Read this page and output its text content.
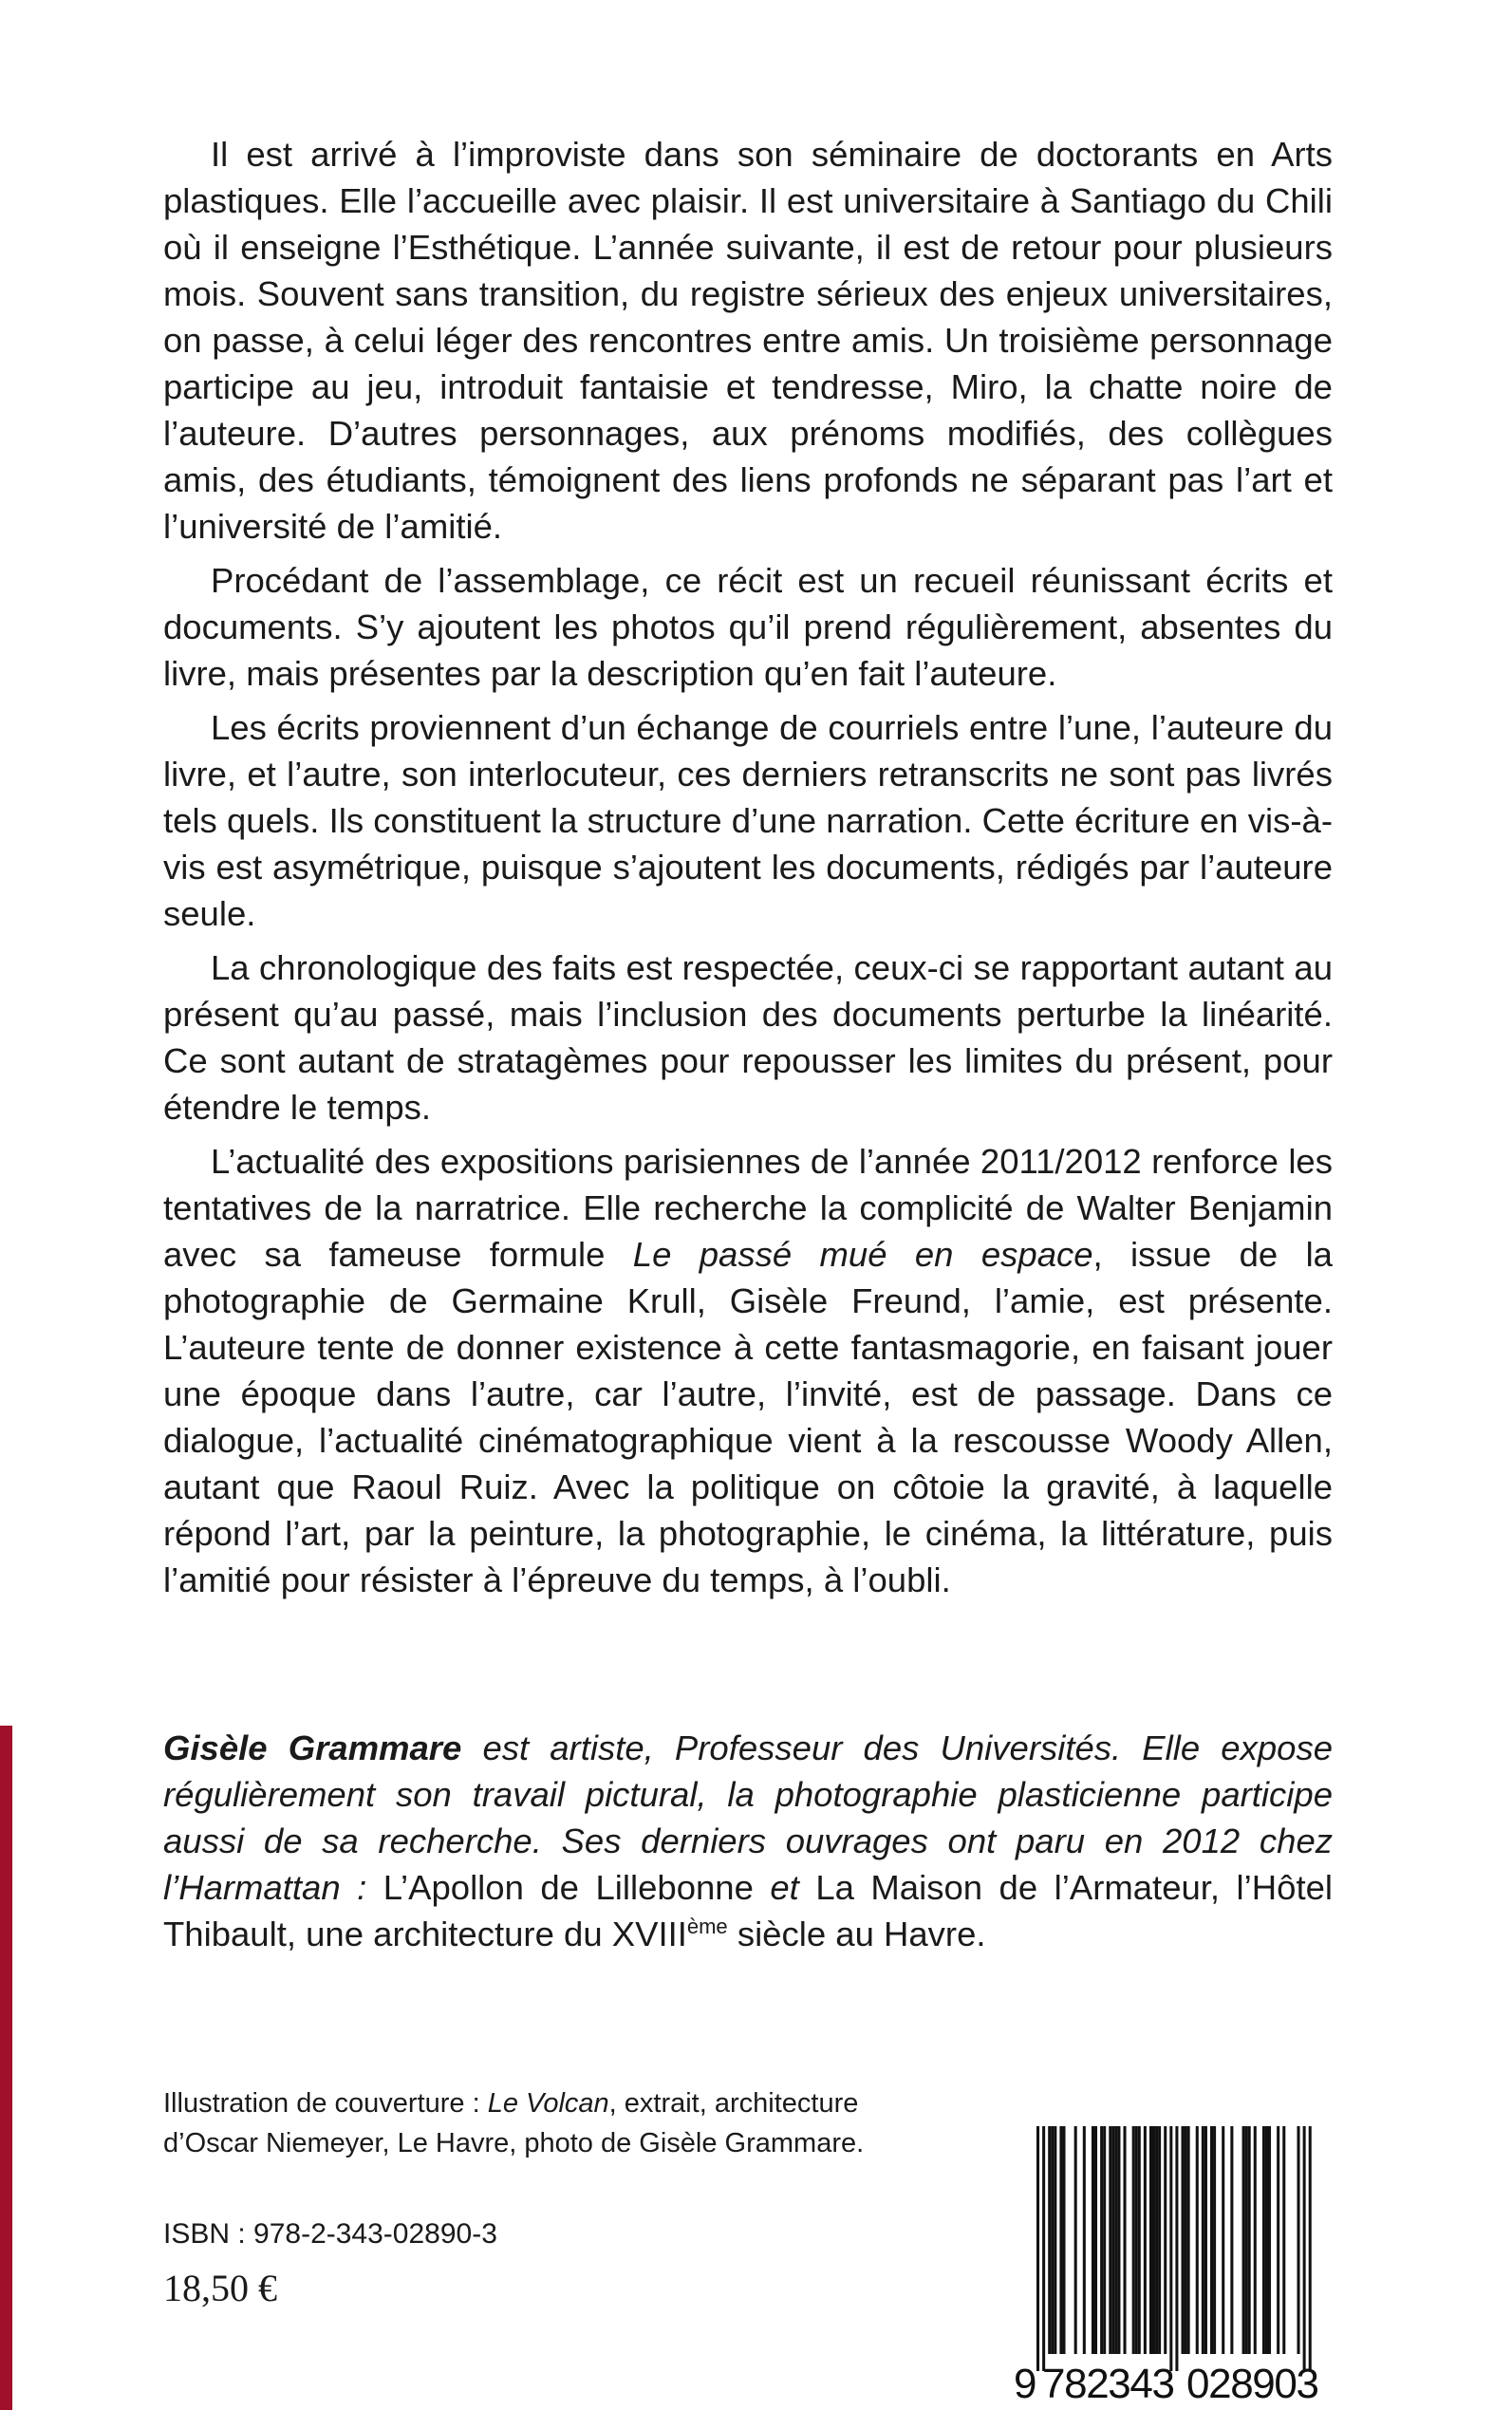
Il est arrivé à l’improviste dans son séminaire de doctorants en Arts plastiques. Elle l’accueille avec plaisir. Il est universitaire à Santiago du Chili où il enseigne l’Esthétique. L’année suivante, il est de retour pour plusieurs mois. Souvent sans transition, du registre sérieux des enjeux universitaires, on passe, à celui léger des rencontres entre amis. Un troisième personnage participe au jeu, introduit fantaisie et tendresse, Miro, la chatte noire de l’auteure. D’autres personnages, aux prénoms modifiés, des collègues amis, des étudiants, témoignent des liens profonds ne séparant pas l’art et l’université de l’amitié.

Procédant de l’assemblage, ce récit est un recueil réunissant écrits et documents. S’y ajoutent les photos qu’il prend régulièrement, absentes du livre, mais présentes par la description qu’en fait l’auteure.

Les écrits proviennent d’un échange de courriels entre l’une, l’auteure du livre, et l’autre, son interlocuteur, ces derniers retranscrits ne sont pas livrés tels quels. Ils constituent la structure d’une narration. Cette écriture en vis-à-vis est asymétrique, puisque s’ajoutent les documents, rédigés par l’auteure seule.

La chronologique des faits est respectée, ceux-ci se rapportant autant au présent qu’au passé, mais l’inclusion des documents perturbe la linéarité. Ce sont autant de stratagèmes pour repousser les limites du présent, pour étendre le temps.

L’actualité des expositions parisiennes de l’année 2011/2012 renforce les tentatives de la narratrice. Elle recherche la complicité de Walter Benjamin avec sa fameuse formule Le passé mué en espace, issue de la photographie de Germaine Krull, Gisèle Freund, l’amie, est présente. L’auteure tente de donner existence à cette fantasmagorie, en faisant jouer une époque dans l’autre, car l’autre, l’invité, est de passage. Dans ce dialogue, l’actualité cinématographique vient à la rescousse Woody Allen, autant que Raoul Ruiz. Avec la politique on côtoie la gravité, à laquelle répond l’art, par la peinture, la photographie, le cinéma, la littérature, puis l’amitié pour résister à l’épreuve du temps, à l’oubli.

Gisèle Grammare est artiste, Professeur des Universités. Elle expose régulièrement son travail pictural, la photographie plasticienne participe aussi de sa recherche. Ses derniers ouvrages ont paru en 2012 chez l’Harmattan : L’Apollon de Lillebonne et La Maison de l’Armateur, l’Hôtel Thibault, une architecture du XVIIIème siècle au Havre.
Illustration de couverture : Le Volcan, extrait, architecture d’Oscar Niemeyer, Le Havre, photo de Gisèle Grammare.
ISBN : 978-2-343-02890-3
18,50 €
9 782343 028903
